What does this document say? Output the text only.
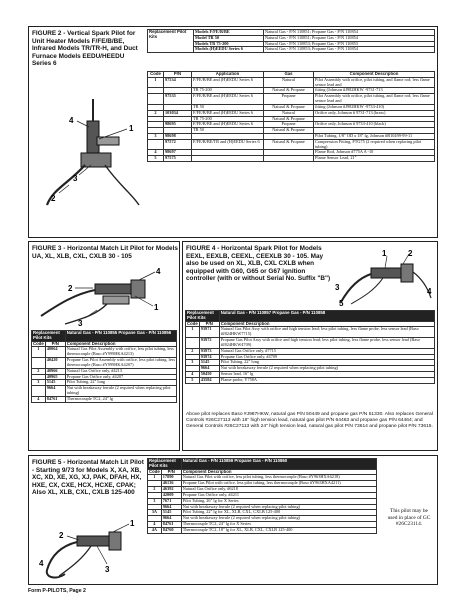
FIGURE 2 - Vertical Spark Pilot for Unit Heater Models F/FE/B/BE, Infrared Models TR/TR-H, and Duct Furnace Models EEDU/HEEDU Series 6
1
4
3
2
Replacement Pilot Kits	Models F/FE/B/BE	Natural Gas - P/N 110851; Propane Gas - P/N 110854
	Model TR 50	Natural Gas - P/N 110851; Propane Gas - P/N 110854
	Models TR 75-200	Natural Gas - P/N 110853; Propane Gas - P/N 110853
	Models (H)EEDU Series 6	Natural Gas - P/N 110853; Propane Gas - P/N 110854
Code	P/N	Application	Gas	Component Description
1	97534	F/FE/B/BE and (H)EEDU Series 6	Natural	Pilot Assembly with orifice, pilot tubing, and flame rod; less flame sensor lead and
		TR 75-200	Natural & Propane	fitting (Johnson #J982HKW -9731-713
	97535	F/FE/B/BE and (H)EEDU Series 6	Propane	Pilot Assembly with orifice, pilot tubing, and flame rod; less flame sensor lead and
		TR 50	Natural & Propane	fitting (Johnson #J982HKW -9733-410)
2	103034	F/FE/B/BE and (H)EEDU Series 6	Natural	Orifice only, Johnson # 9731-713 (brass)
		TR 75-200	Natural & Propane	
	98695	F/FE/B/BE and (H)EEDU Series 6	Propane	Orifice only, Johnson # 9733-410 (black)
		TR 50	Natural & Propane	
3	98698			Pilot Tubing, 1/8" OD x 18" lg, Johnson #B10499-99-11
	97572	F/FE/B/BE/TR and (H)EEDU Series 6	Natural & Propane	Compression Fitting, FTG75 (2 required when replacing pilot tubing)
4	98697			Flame Rod, Johnson #775A A -10
5	97575			Flame Sensor Lead, 21"
FIGURE 3 - Horizontal Match Lit Pilot for Models UA, XL, XLB, CXL, CXLB 30 - 105
4
1
2
3
Replacement Pilot Kits		Natural Gas - P/N 110855 Propane Gas - P/N 110856
Code	P/N	Component Description
1	40064	Natural Gas Pilot Assembly with orifice, less pilot tubing, less thermocouple (Baso #Y999HKA4213)
	40420	Propane Gas Pilot Assembly with orifice, less pilot tubing, less thermocouple (Baso #Y999HKA4207)
2	40966	Natural Gas Orifice only, #4213
	40965	Propane Gas Orifice only, #4207
3	5145	Pilot Tubing, 22" long
	9664	Nut with breakaway ferrule (2 required when replacing pilot tubing)
4	84761	Thermocouple TC2, 24" lg
FIGURE 4 - Horizontal Spark Pilot for Models EEXL, EEXLB, CEEXL, CEEXLB 30 - 105. May also be used on XL, XLB, CXL CXLB when equipped with G60, G65 or G67 ignition controller (with or without Serial No. Suffix "B")
1	2
3	4
5
Replacement Pilot Kits		Natural Gas - P/N 110857 Propane Gas - P/N 110858
Code	P/N	Component Description
1	93971	Natural Gas Pilot Assy with orifice and high tension lead; less pilot tubing, less flame probe, less sensor lead (Baso #J824HKW7715)
	93972	Propane Gas Pilot Assy with orifice and high tension lead; less pilot tubing, less flame probe, less sensor lead (Baso #J824HKW4709)
2	93973	Natural Gas Orifice only, #7715
	93974	Propane Gas Orifice only, #4709
3	5145	Pilot Tubing, 22" long
	9664	Nut with breakaway ferrule (2 required when replacing pilot tubing)
4	50450	Sensor lead, 16" lg
5	43584	Flame probe, Y758A
Above pilot replaces Baso #J987HKW, natural gas P/N 50449 and propane gas P/N 51330. Also replaces General Controls #26C27113 with 16" high tension lead, natural gas pilot P/N 64463 and propane gas P/N 64464; and General Controls #26C27113 with 24" high tension lead, natural gas pilot P/N 73614 and propane pilot P/N 73615.
FIGURE 5 - Horizontal Match Lit Pilot - Starting 9/73 for Models X, XA, XB, XC, XD, XE, XG, XJ, PAK, DFAH, HX, HXE, CX, CXE, HCX, HCXE, CPAK; Also XL, XLB, CXL, CXLB 125-400
1
2
3
4
Replacement Pilot Kits		Natural Gas - P/N 110859 Propane Gas - P/N 110860
Code	P/N	Component Description
1	17890	Natural Gas Pilot with orifice, less pilot tubing, less thermocouple (Baso #Y963HXA6218)
	46136	Propane Gas Pilot with orifice, less pilot tubing, less thermocouple (Baso #Y963HXA4211)
2	46392	Natural Gas Orifice only, #6218
	42009	Propane Gas Orifice only, #4211
3	7671	Pilot Tubing, 26" lg for X Series
	9664	Nut with breakaway ferrule (2 required when replacing pilot tubing)
3A	5145	Pilot Tubing, 22" lg for XL, XLB, CXL, CXLB 125-400
	9664	Nut with breakaway ferrule (2 required when replacing pilot tubing)
4	84761	Thermocouple TC2, 24" lg for X Series
4A	84760	Thermocouple TC2, 18" lg for XL, XLB, CXL, CXLB 125-400
This pilot may be used in place of GC #26C23114.
Form P-PILOTS, Page 2
